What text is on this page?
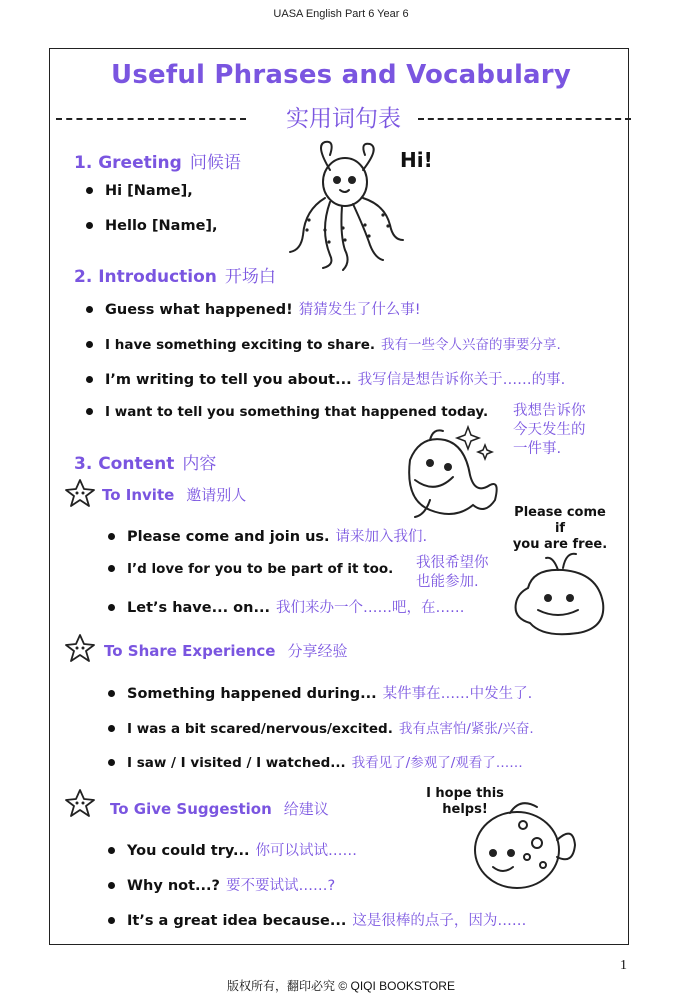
UASA English Part 6 Year 6
Useful Phrases and Vocabulary
实用词句表
1. Greeting 问候语
Hi [Name],
Hello [Name],
Hi!
2. Introduction 开场白
Guess what happened! 猜猜发生了什么事!
I have something exciting to share. 我有一些令人兴奋的事要分享.
I’m writing to tell you about... 我写信是想告诉你关于……的事.
I want to tell you something that happened today. 我想告诉你
今天发生的
一件事.
3. Content 内容
To Invite 邀请别人
Please come and join us. 请来加入我们.
I’d love for you to be part of it too. 我很希望你
也能参加.
Let’s have... on... 我们来办一个……吧，在……
Please come if
you are free.
To Share Experience 分享经验
Something happened during... 某件事在……中发生了.
I was a bit scared/nervous/excited. 我有点害怕/紧张/兴奋.
I saw / I visited / I watched... 我看见了/参观了/观看了……
To Give Suggestion 给建议
You could try... 你可以试试……
Why not...? 要不要试试……?
It’s a great idea because... 这是很棒的点子，因为……
I hope this
helps!
1
版权所有，翻印必究 © QIQI BOOKSTORE
